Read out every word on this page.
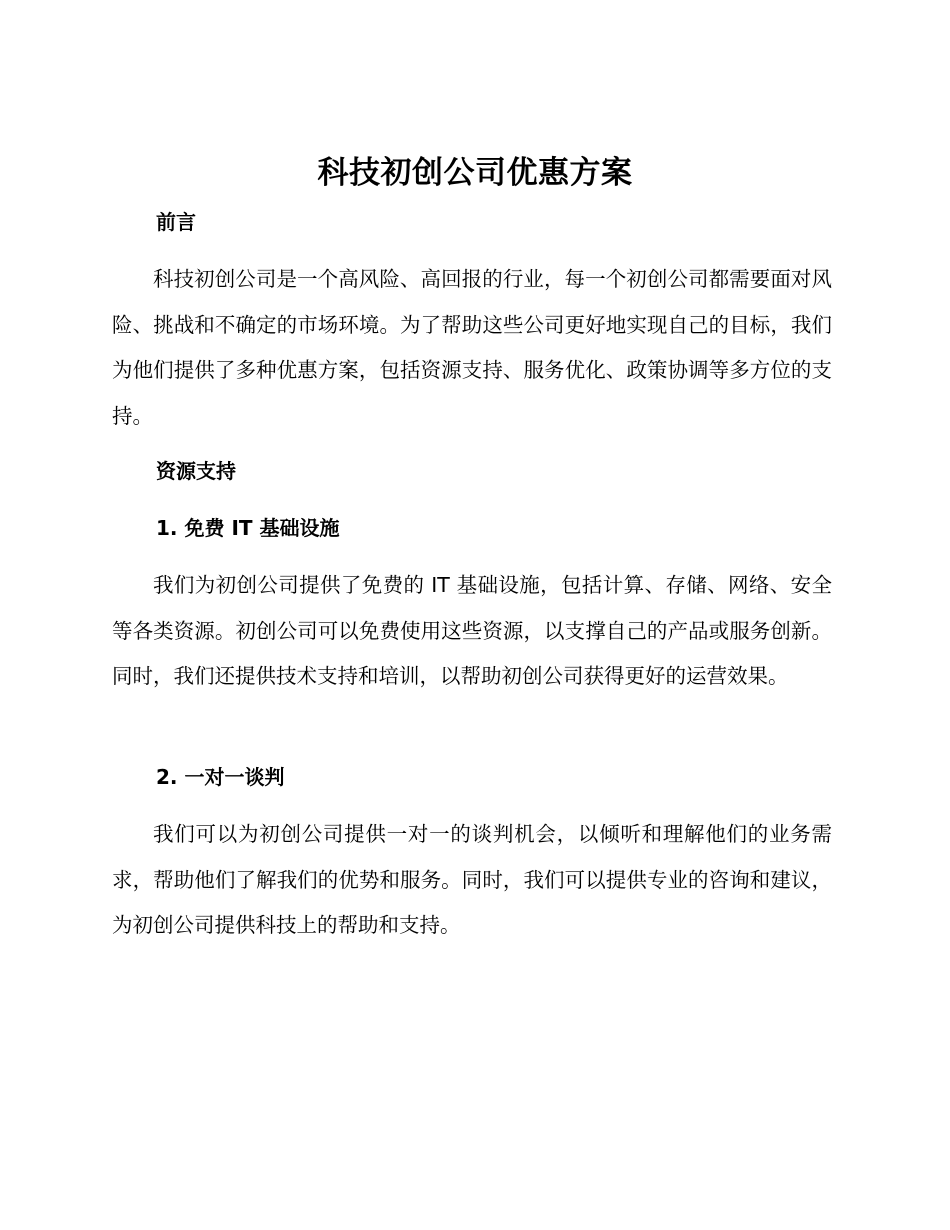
科技初创公司优惠方案
前言

科技初创公司是一个高风险、高回报的行业，每一个初创公司都需要面对风险、挑战和不确定的市场环境。为了帮助这些公司更好地实现自己的目标，我们为他们提供了多种优惠方案，包括资源支持、服务优化、政策协调等多方位的支持。

资源支持
1. 免费 IT 基础设施

我们为初创公司提供了免费的 IT 基础设施，包括计算、存储、网络、安全等各类资源。初创公司可以免费使用这些资源，以支撑自己的产品或服务创新。同时，我们还提供技术支持和培训，以帮助初创公司获得更好的运营效果。

2. 一对一谈判

我们可以为初创公司提供一对一的谈判机会，以倾听和理解他们的业务需求，帮助他们了解我们的优势和服务。同时，我们可以提供专业的咨询和建议，为初创公司提供科技上的帮助和支持。
